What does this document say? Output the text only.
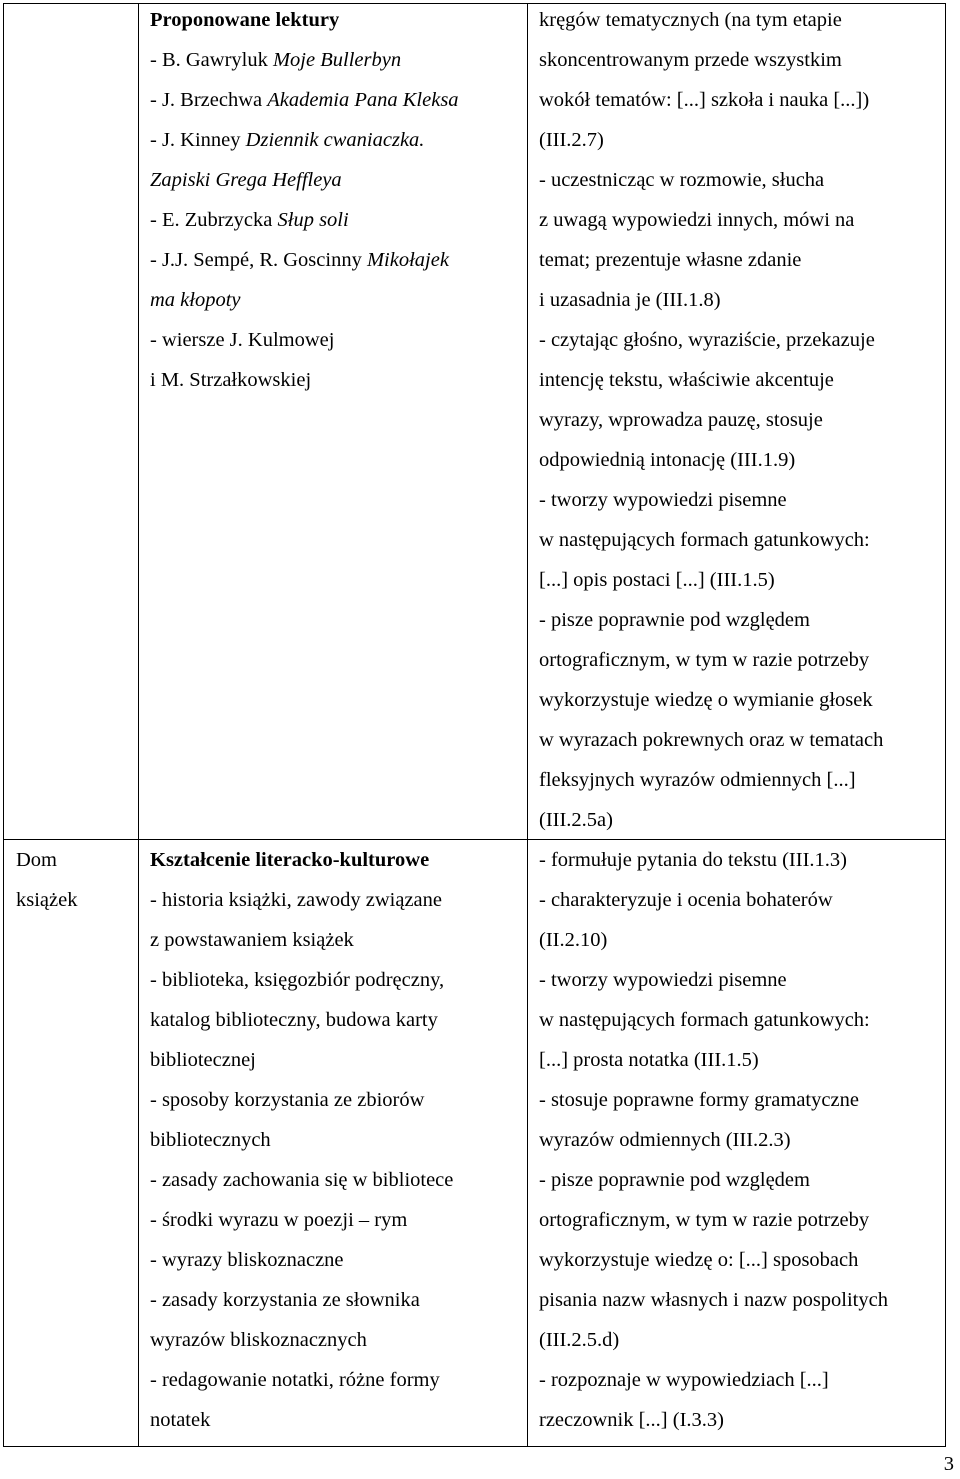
Proponowane lektury
- B. Gawryluk Moje Bullerbyn
- J. Brzechwa Akademia Pana Kleksa
- J. Kinney Dziennik cwaniaczka.
Zapiski Grega Heffleya
- E. Zubrzycka Słup soli
- J.J. Sempé, R. Goscinny Mikołajek
ma kłopoty
- wiersze J. Kulmowej
i M. Strzałkowskiej
kręgów tematycznych (na tym etapie
skoncentrowanym przede wszystkim
wokół tematów: [...] szkoła i nauka [...])
(III.2.7)
- uczestnicząc w rozmowie, słucha
z uwagą wypowiedzi innych, mówi na
temat; prezentuje własne zdanie
i uzasadnia je (III.1.8)
- czytając głośno, wyraziście, przekazuje
intencję tekstu, właściwie akcentuje
wyrazy, wprowadza pauzę, stosuje
odpowiednią intonację (III.1.9)
- tworzy wypowiedzi pisemne
w następujących formach gatunkowych:
[...] opis postaci [...] (III.1.5)
- pisze poprawnie pod względem
ortograficznym, w tym w razie potrzeby
wykorzystuje wiedzę o wymianie głosek
w wyrazach pokrewnych oraz w tematach
fleksyjnych wyrazów odmiennych [...]
(III.2.5a)
Dom
książek
Kształcenie literacko-kulturowe
- historia książki, zawody związane
z powstawaniem książek
- biblioteka, księgozbiór podręczny,
katalog biblioteczny, budowa karty
bibliotecznej
- sposoby korzystania ze zbiorów
bibliotecznych
- zasady zachowania się w bibliotece
- środki wyrazu w poezji – rym
- wyrazy bliskoznaczne
- zasady korzystania ze słownika
wyrazów bliskoznacznych
- redagowanie notatki, różne formy
notatek
- formułuje pytania do tekstu (III.1.3)
- charakteryzuje i ocenia bohaterów
(II.2.10)
- tworzy wypowiedzi pisemne
w następujących formach gatunkowych:
[...] prosta notatka (III.1.5)
- stosuje poprawne formy gramatyczne
wyrazów odmiennych (III.2.3)
- pisze poprawnie pod względem
ortograficznym, w tym w razie potrzeby
wykorzystuje wiedzę o: [...] sposobach
pisania nazw własnych i nazw pospolitych
(III.2.5.d)
- rozpoznaje w wypowiedziach [...]
rzeczownik [...] (I.3.3)
3
